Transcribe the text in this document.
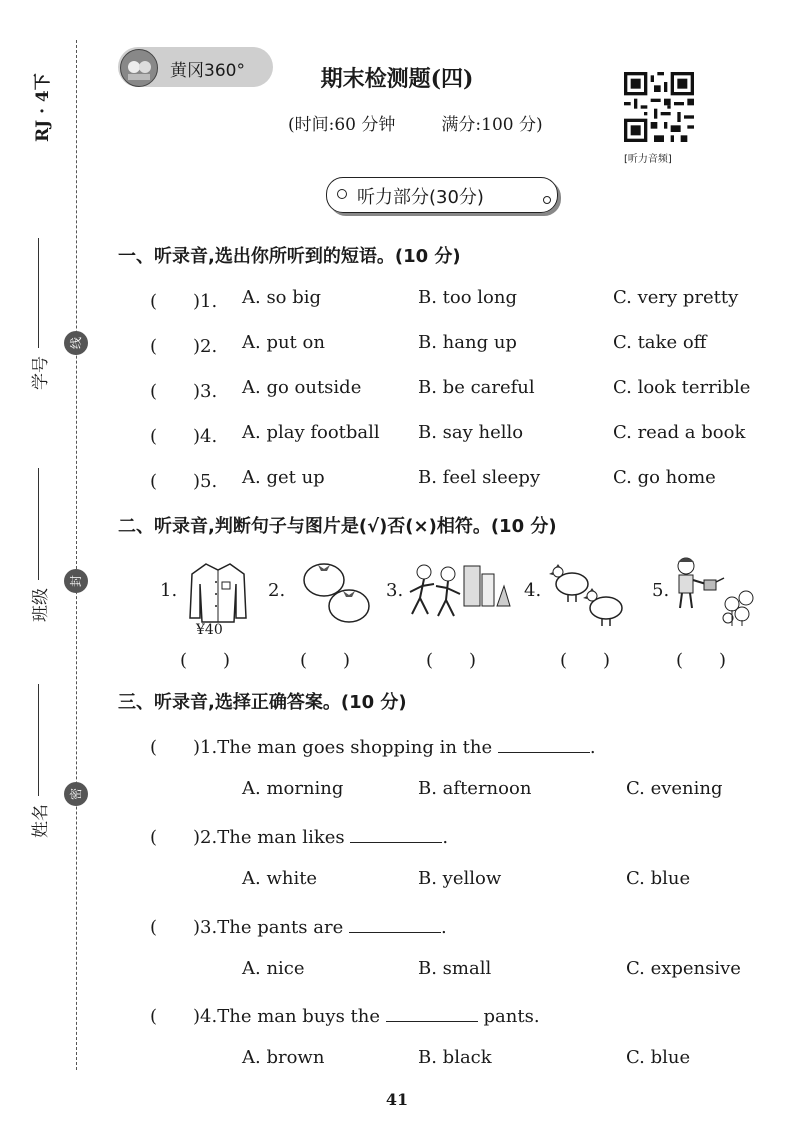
RJ · 4下
学号
班级
姓名
线
封
密
黄冈360°	期末检测题(四)
(时间:60 分钟	满分:100 分)
[听力音频]
听力部分(30分)
一、听录音,选出你所听到的短语。(10 分)
(　　)1. A. so big	B. too long	C. very pretty
(　　)2. A. put on	B. hang up	C. take off
(　　)3. A. go outside	B. be careful	C. look terrible
(　　)4. A. play football B. say hello	C. read a book
(　　)5. A. get up	B. feel sleepy	C. go home
二、听录音,判断句子与图片是(√)否(×)相符。(10 分)
1.
¥40
2.	3.	4.	5.
(　　)	(　　)	(　　)	(　　)	(　　)
三、听录音,选择正确答案。(10 分)
(　　)1.The man goes shopping in the	.
A. morning	B. afternoon	C. evening
(　　)2.The man likes	.
A. white	B. yellow	C. blue
(　　)3.The pants are	.
A. nice	B. small	C. expensive
(　　)4.The man buys the	pants.
A. brown	B. black	C. blue
41
